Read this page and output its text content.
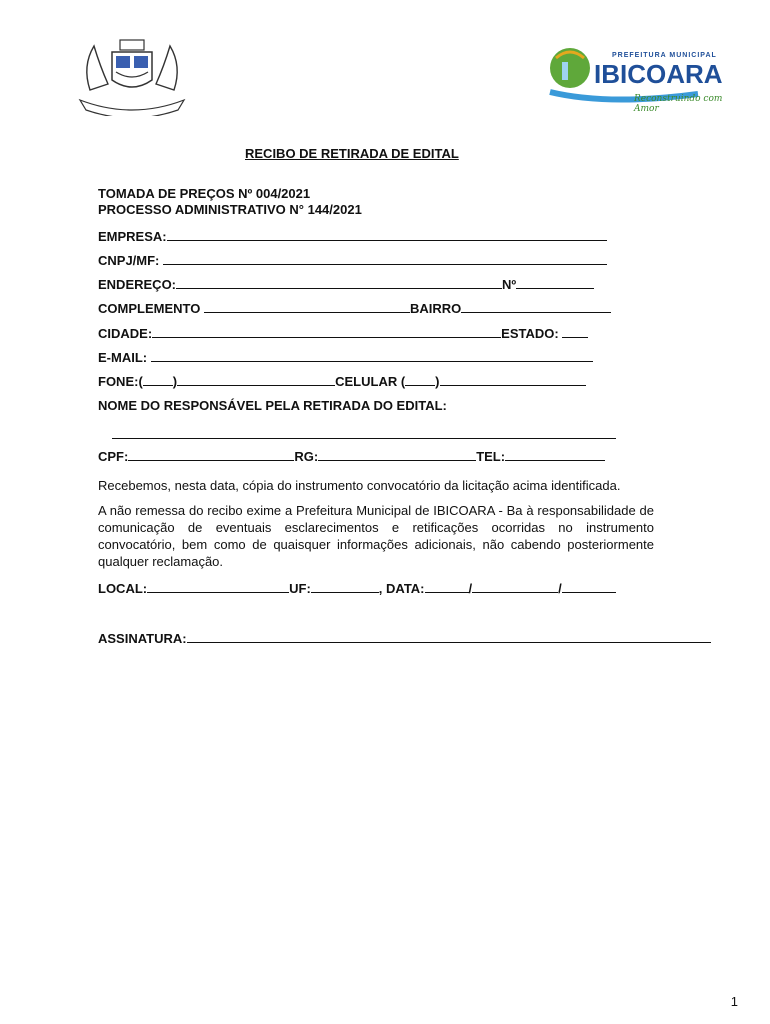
PREFEITURA MUNICIPAL
IBICOARA
Reconstruindo com Amor
RECIBO DE RETIRADA DE EDITAL
TOMADA DE PREÇOS Nº 004/2021
PROCESSO ADMINISTRATIVO N° 144/2021
EMPRESA:
CNPJ/MF:
ENDEREÇO:	Nº
COMPLEMENTO	BAIRRO
CIDADE:	ESTADO:
E-MAIL:
FONE:( )	CELULAR ( )
NOME DO RESPONSÁVEL PELA RETIRADA DO EDITAL:
CPF:	RG:	TEL:
Recebemos, nesta data, cópia do instrumento convocatório da licitação acima identificada.
A não remessa do recibo exime a Prefeitura Municipal de IBICOARA - Ba à responsabilidade de comunicação de eventuais esclarecimentos e retificações ocorridas no instrumento convocatório, bem como de quaisquer informações adicionais, não cabendo posteriormente qualquer reclamação.
LOCAL:	UF:	, DATA:	/	/
ASSINATURA:
1
